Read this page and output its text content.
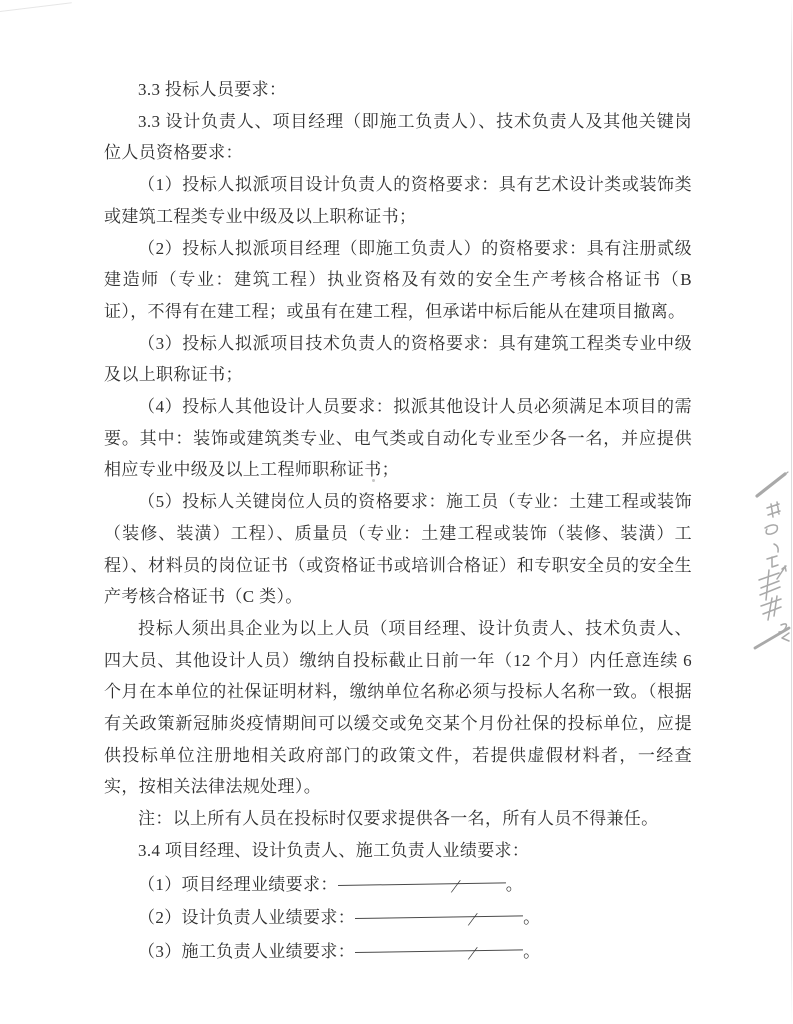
3.3 投标人员要求：

3.3 设计负责人、项目经理（即施工负责人）、技术负责人及其他关键岗位人员资格要求：

（1）投标人拟派项目设计负责人的资格要求：具有艺术设计类或装饰类或建筑工程类专业中级及以上职称证书；

（2）投标人拟派项目经理（即施工负责人）的资格要求：具有注册贰级建造师（专业：建筑工程）执业资格及有效的安全生产考核合格证书（B 证），不得有在建工程；或虽有在建工程，但承诺中标后能从在建项目撤离。

（3）投标人拟派项目技术负责人的资格要求：具有建筑工程类专业中级及以上职称证书；

（4）投标人其他设计人员要求：拟派其他设计人员必须满足本项目的需要。其中：装饰或建筑类专业、电气类或自动化专业至少各一名，并应提供相应专业中级及以上工程师职称证书；

（5）投标人关键岗位人员的资格要求：施工员（专业：土建工程或装饰（装修、装潢）工程）、质量员（专业：土建工程或装饰（装修、装潢）工程）、材料员的岗位证书（或资格证书或培训合格证）和专职安全员的安全生产考核合格证书（C 类）。

投标人须出具企业为以上人员（项目经理、设计负责人、技术负责人、四大员、其他设计人员）缴纳自投标截止日前一年（12 个月）内任意连续 6 个月在本单位的社保证明材料，缴纳单位名称必须与投标人名称一致。（根据有关政策新冠肺炎疫情期间可以缓交或免交某个月份社保的投标单位，应提供投标单位注册地相关政府部门的政策文件，若提供虚假材料者，一经查实，按相关法律法规处理）。

注：以上所有人员在投标时仅要求提供各一名，所有人员不得兼任。

3.4 项目经理、设计负责人、施工负责人业绩要求：

（1）项目经理业绩要求：	/	。

（2）设计负责人业绩要求：	/	。

（3）施工负责人业绩要求：	/	。
